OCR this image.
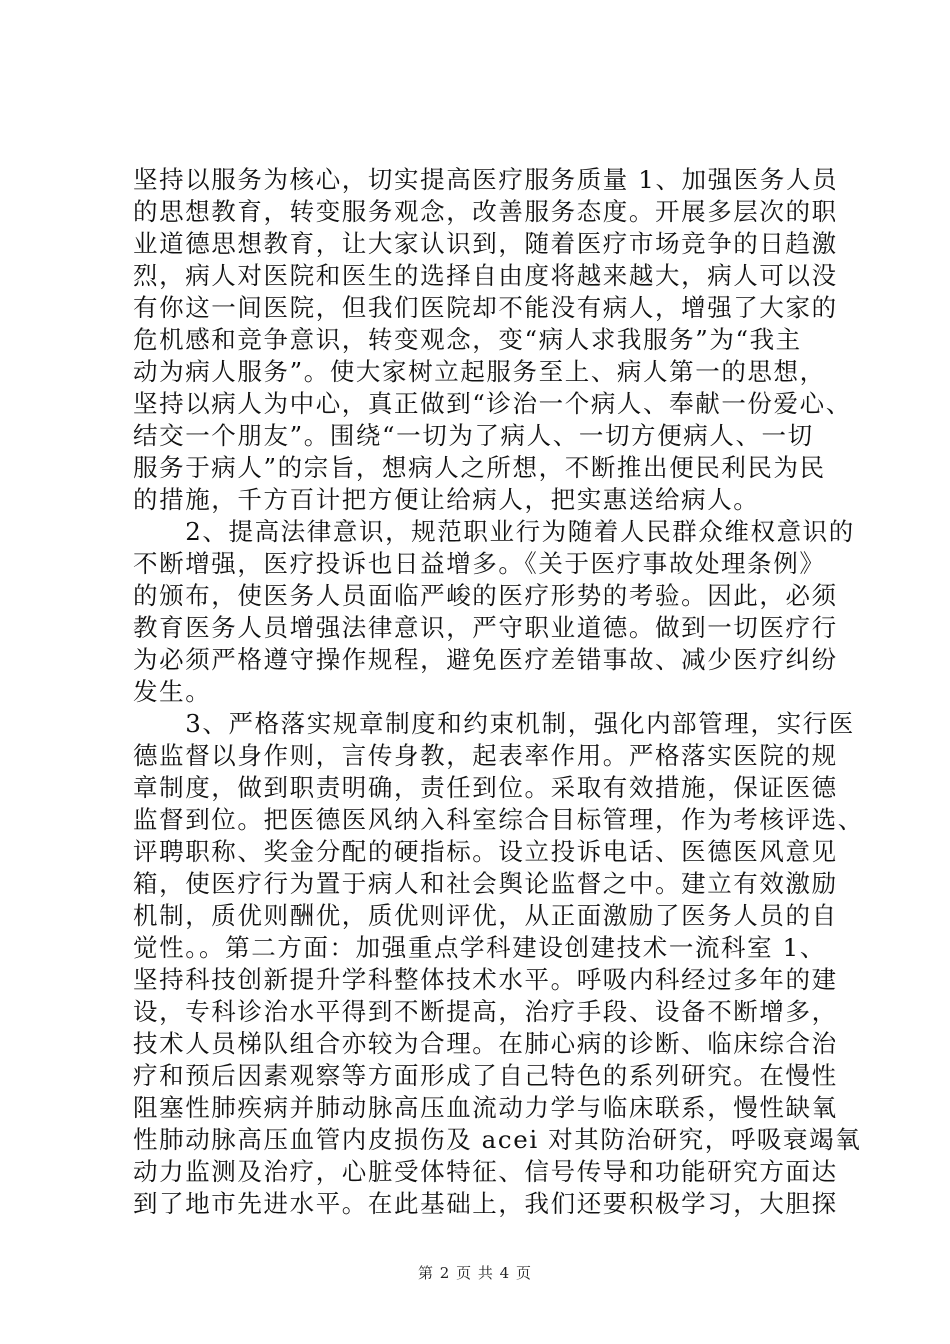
坚持以服务为核心，切实提高医疗服务质量 1、加强医务人员
的思想教育，转变服务观念，改善服务态度。开展多层次的职
业道德思想教育，让大家认识到，随着医疗市场竞争的日趋激
烈，病人对医院和医生的选择自由度将越来越大，病人可以没
有你这一间医院，但我们医院却不能没有病人，增强了大家的
危机感和竞争意识，转变观念，变“病人求我服务”为“我主
动为病人服务”。使大家树立起服务至上、病人第一的思想，
坚持以病人为中心，真正做到“诊治一个病人、奉献一份爱心、
结交一个朋友”。围绕“一切为了病人、一切方便病人、一切
服务于病人”的宗旨，想病人之所想，不断推出便民利民为民
的措施，千方百计把方便让给病人，把实惠送给病人。
　　2、提高法律意识，规范职业行为随着人民群众维权意识的
不断增强，医疗投诉也日益增多。《关于医疗事故处理条例》
的颁布，使医务人员面临严峻的医疗形势的考验。因此，必须
教育医务人员增强法律意识，严守职业道德。做到一切医疗行
为必须严格遵守操作规程，避免医疗差错事故、减少医疗纠纷
发生。
　　3、严格落实规章制度和约束机制，强化内部管理，实行医
德监督以身作则，言传身教，起表率作用。严格落实医院的规
章制度，做到职责明确，责任到位。采取有效措施，保证医德
监督到位。把医德医风纳入科室综合目标管理，作为考核评选、
评聘职称、奖金分配的硬指标。设立投诉电话、医德医风意见
箱，使医疗行为置于病人和社会舆论监督之中。建立有效激励
机制，质优则酬优，质优则评优，从正面激励了医务人员的自
觉性。。第二方面：加强重点学科建设创建技术一流科室 1、
坚持科技创新提升学科整体技术水平。呼吸内科经过多年的建
设，专科诊治水平得到不断提高，治疗手段、设备不断增多，
技术人员梯队组合亦较为合理。在肺心病的诊断、临床综合治
疗和预后因素观察等方面形成了自己特色的系列研究。在慢性
阻塞性肺疾病并肺动脉高压血流动力学与临床联系，慢性缺氧
性肺动脉高压血管内皮损伤及 acei 对其防治研究，呼吸衰竭氧
动力监测及治疗，心脏受体特征、信号传导和功能研究方面达
到了地市先进水平。在此基础上，我们还要积极学习，大胆探
第 2 页 共 4 页
